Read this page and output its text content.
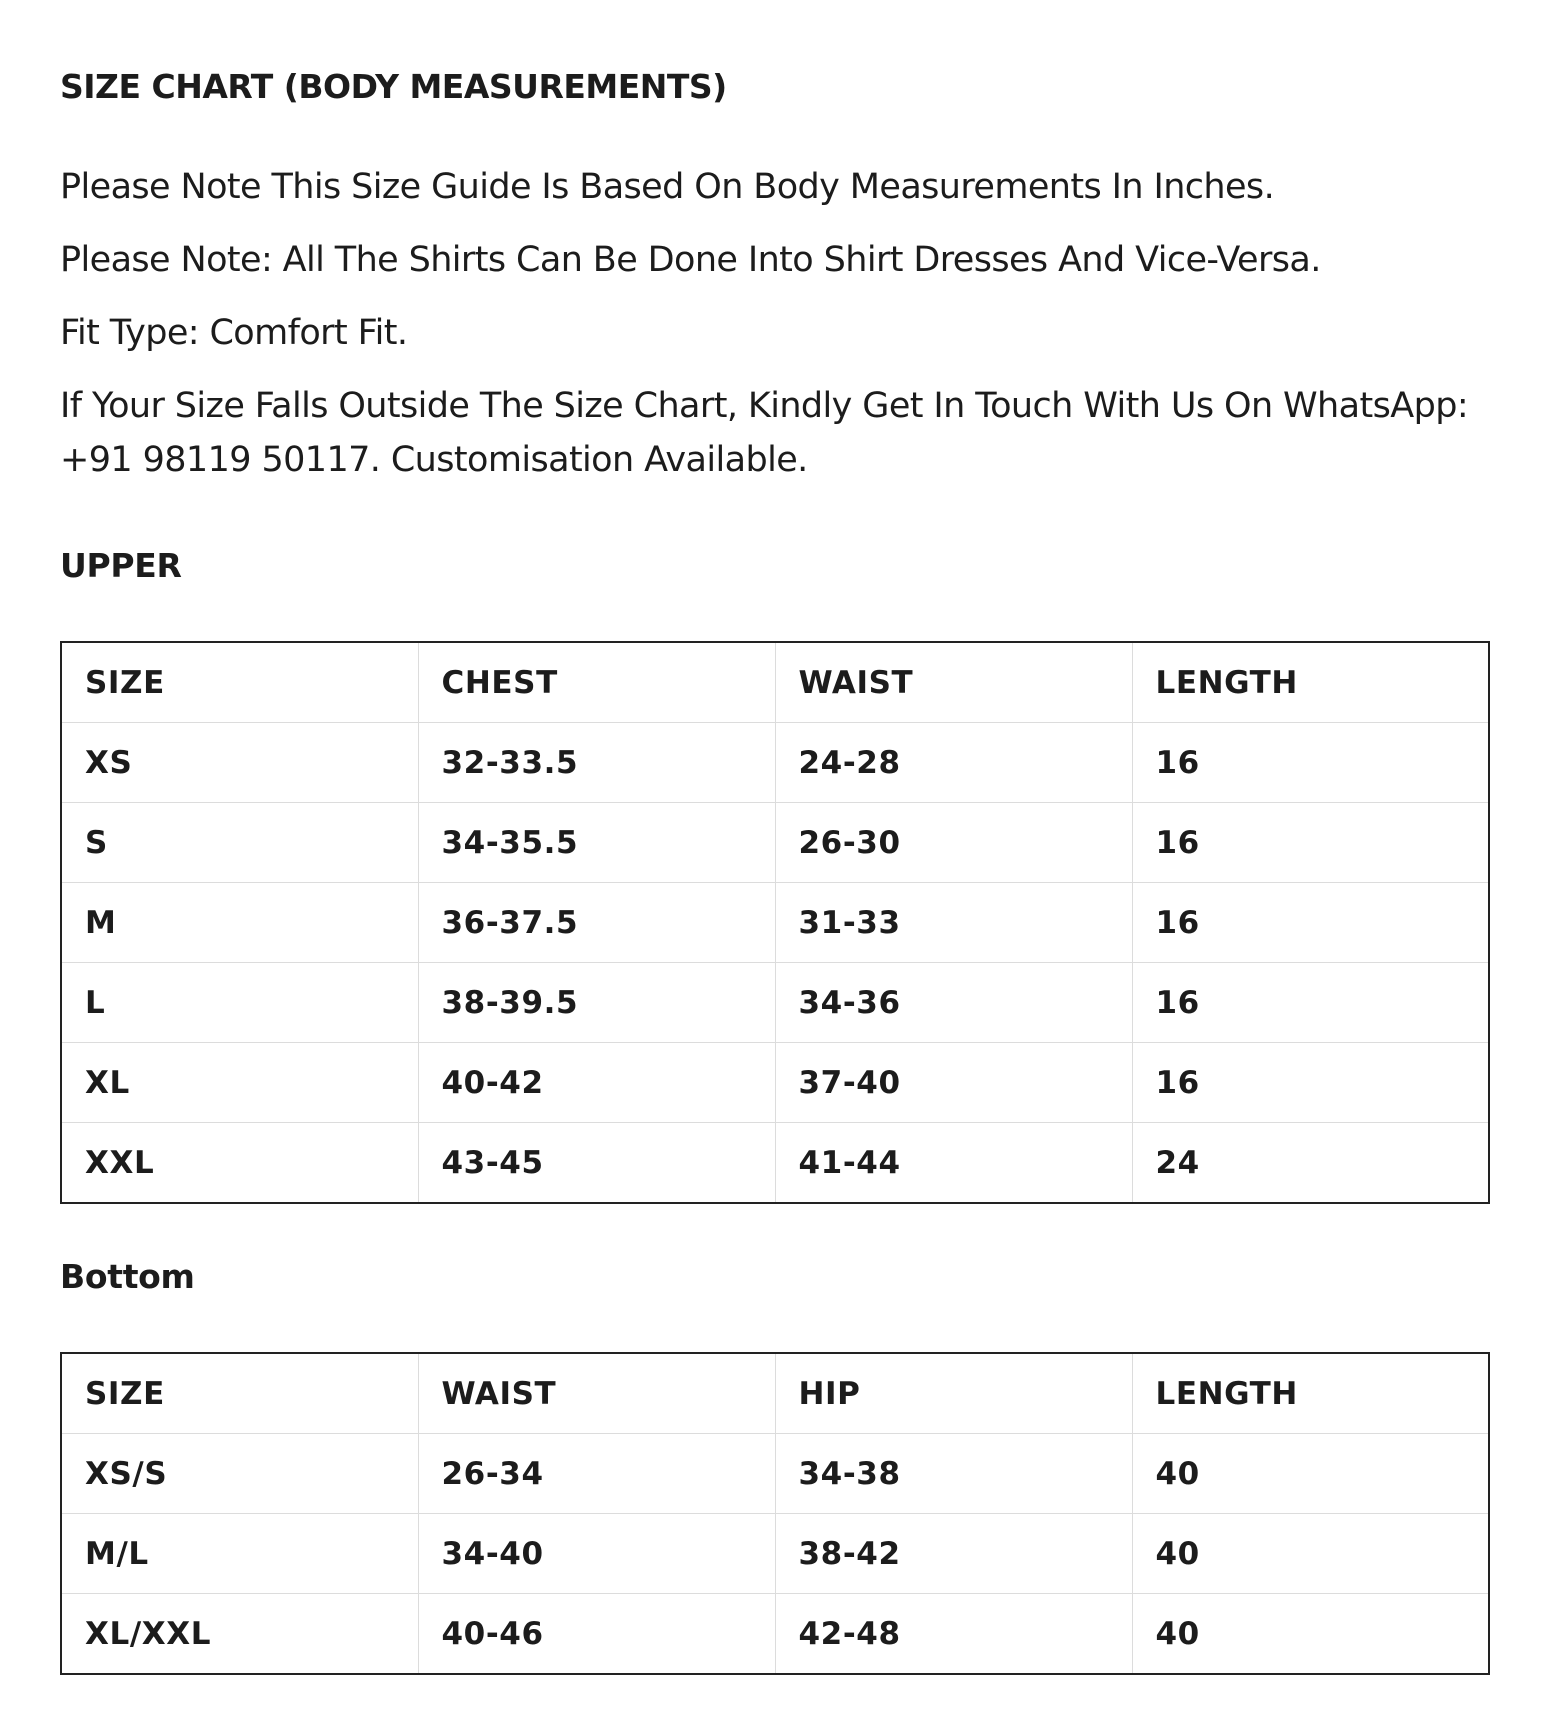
SIZE CHART (BODY MEASUREMENTS)

Please Note This Size Guide Is Based On Body Measurements In Inches.

Please Note: All The Shirts Can Be Done Into Shirt Dresses And Vice-Versa.

Fit Type: Comfort Fit.

If Your Size Falls Outside The Size Chart, Kindly Get In Touch With Us On WhatsApp: +91 98119 50117. Customisation Available.

UPPER
SIZE	CHEST	WAIST	LENGTH
XS	32-33.5	24-28	16
S	34-35.5	26-30	16
M	36-37.5	31-33	16
L	38-39.5	34-36	16
XL	40-42	37-40	16
XXL	43-45	41-44	24
Bottom
SIZE	WAIST	HIP	LENGTH
XS/S	26-34	34-38	40
M/L	34-40	38-42	40
XL/XXL	40-46	42-48	40
